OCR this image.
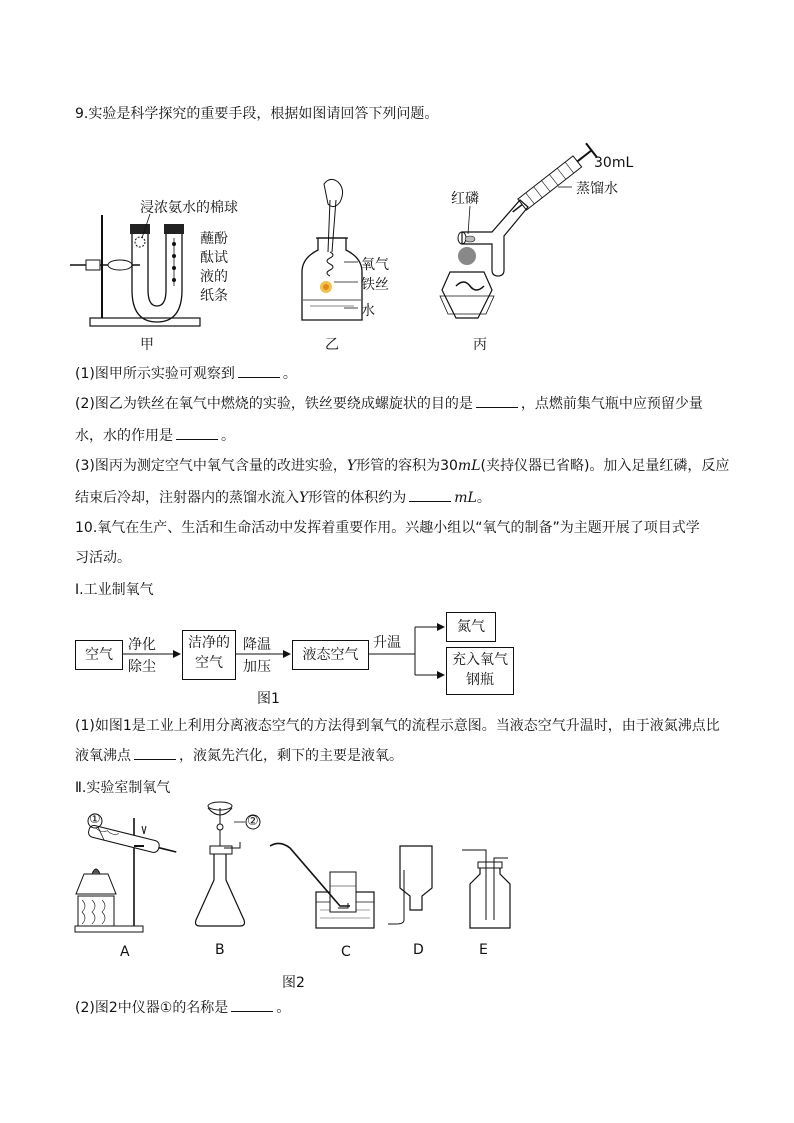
9.实验是科学探究的重要手段，根据如图请回答下列问题。
浸浓氨水的棉球
蘸酚
酞试
液的
纸条
甲
氧气
铁丝
水
乙
30mL
蒸馏水
红磷
丙
(1)图甲所示实验可观察到	。
(2)图乙为铁丝在氧气中燃烧的实验，铁丝要绕成螺旋状的目的是	，点燃前集气瓶中应预留少量
水，水的作用是	。
(3)图丙为测定空气中氧气含量的改进实验，Y形管的容积为30mL(夹持仪器已省略)。加入足量红磷，反应
结束后冷却，注射器内的蒸馏水流入Y形管的体积约为	mL。
10.氧气在生产、生活和生命活动中发挥着重要作用。兴趣小组以“氧气的制备”为主题开展了项目式学
习活动。
Ⅰ.工业制氧气
空气
净化
除尘
洁净的
空气
降温
加压
液态空气
升温
氮气
充入氧气
钢瓶
图1
(1)如图1是工业上利用分离液态空气的方法得到氧气的流程示意图。当液态空气升温时，由于液氮沸点比
液氧沸点	，液氮先汽化，剩下的主要是液氧。
Ⅱ.实验室制氧气
①	②
A	B	C	D	E
图2
(2)图2中仪器①的名称是	。
